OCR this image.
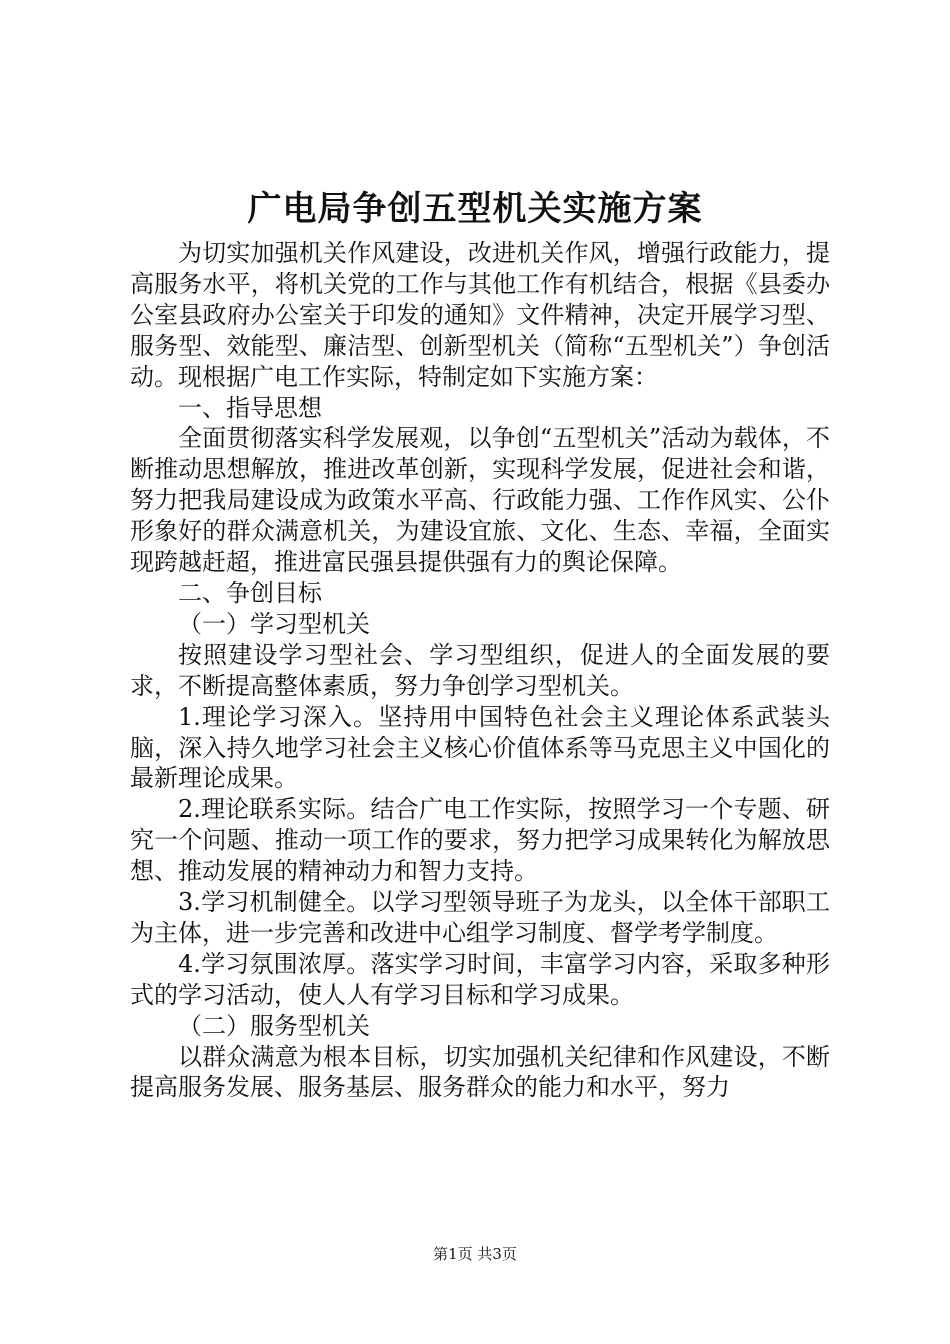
广电局争创五型机关实施方案

为切实加强机关作风建设，改进机关作风，增强行政能力，提高服务水平，将机关党的工作与其他工作有机结合，根据《县委办公室县政府办公室关于印发的通知》文件精神，决定开展学习型、服务型、效能型、廉洁型、创新型机关（简称“五型机关”）争创活动。现根据广电工作实际，特制定如下实施方案：

一、指导思想

全面贯彻落实科学发展观，以争创“五型机关”活动为载体，不断推动思想解放，推进改革创新，实现科学发展，促进社会和谐，努力把我局建设成为政策水平高、行政能力强、工作作风实、公仆形象好的群众满意机关，为建设宜旅、文化、生态、幸福，全面实现跨越赶超，推进富民强县提供强有力的舆论保障。

二、争创目标

（一）学习型机关

按照建设学习型社会、学习型组织，促进人的全面发展的要求，不断提高整体素质，努力争创学习型机关。

1.理论学习深入。坚持用中国特色社会主义理论体系武装头脑，深入持久地学习社会主义核心价值体系等马克思主义中国化的最新理论成果。

2.理论联系实际。结合广电工作实际，按照学习一个专题、研究一个问题、推动一项工作的要求，努力把学习成果转化为解放思想、推动发展的精神动力和智力支持。

3.学习机制健全。以学习型领导班子为龙头，以全体干部职工为主体，进一步完善和改进中心组学习制度、督学考学制度。

4.学习氛围浓厚。落实学习时间，丰富学习内容，采取多种形式的学习活动，使人人有学习目标和学习成果。

（二）服务型机关

以群众满意为根本目标，切实加强机关纪律和作风建设，不断提高服务发展、服务基层、服务群众的能力和水平，努力

第1页 共3页
